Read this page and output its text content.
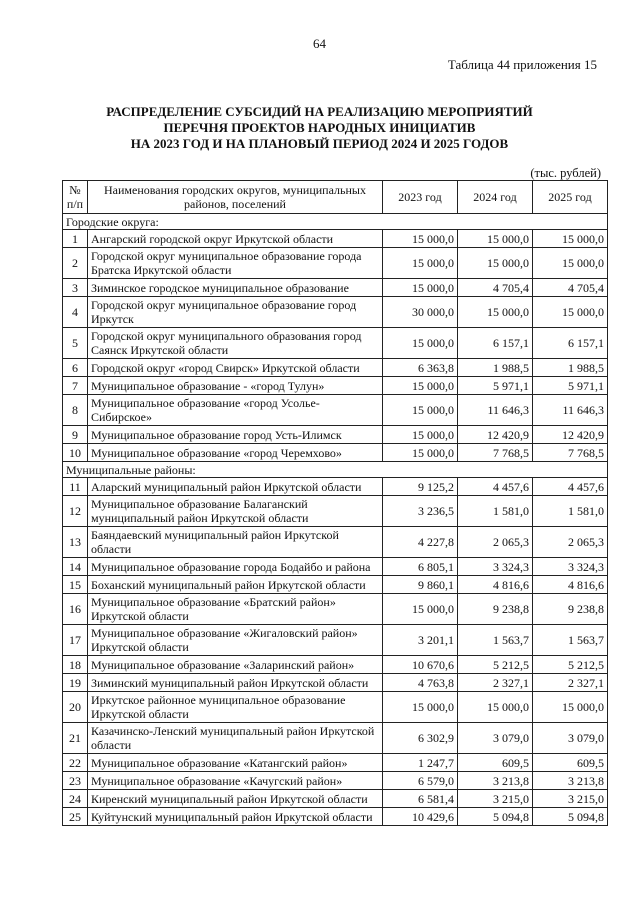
64
Таблица 44 приложения 15
РАСПРЕДЕЛЕНИЕ СУБСИДИЙ НА РЕАЛИЗАЦИЮ МЕРОПРИЯТИЙ
ПЕРЕЧНЯ ПРОЕКТОВ НАРОДНЫХ ИНИЦИАТИВ
НА 2023 ГОД И НА ПЛАНОВЫЙ ПЕРИОД 2024 И 2025 ГОДОВ
(тыс. рублей)
№ п/п	Наименования городских округов, муниципальных районов, поселений	2023 год	2024 год	2025 год
Городские округа:				
1	Ангарский городской округ Иркутской области	15 000,0	15 000,0	15 000,0
2	Городской округ муниципальное образование города Братска Иркутской области	15 000,0	15 000,0	15 000,0
3	Зиминское городское муниципальное образование	15 000,0	4 705,4	4 705,4
4	Городской округ муниципальное образование город Иркутск	30 000,0	15 000,0	15 000,0
5	Городской округ муниципального образования город Саянск Иркутской области	15 000,0	6 157,1	6 157,1
6	Городской округ «город Свирск» Иркутской области	6 363,8	1 988,5	1 988,5
7	Муниципальное образование - «город Тулун»	15 000,0	5 971,1	5 971,1
8	Муниципальное образование «город Усолье-Сибирское»	15 000,0	11 646,3	11 646,3
9	Муниципальное образование город Усть-Илимск	15 000,0	12 420,9	12 420,9
10	Муниципальное образование «город Черемхово»	15 000,0	7 768,5	7 768,5
Муниципальные районы:				
11	Аларский муниципальный район Иркутской области	9 125,2	4 457,6	4 457,6
12	Муниципальное образование Балаганский муниципальный район Иркутской области	3 236,5	1 581,0	1 581,0
13	Баяндаевский муниципальный район Иркутской области	4 227,8	2 065,3	2 065,3
14	Муниципальное образование города Бодайбо и района	6 805,1	3 324,3	3 324,3
15	Боханский муниципальный район Иркутской области	9 860,1	4 816,6	4 816,6
16	Муниципальное образование «Братский район» Иркутской области	15 000,0	9 238,8	9 238,8
17	Муниципальное образование «Жигаловский район» Иркутской области	3 201,1	1 563,7	1 563,7
18	Муниципальное образование «Заларинский район»	10 670,6	5 212,5	5 212,5
19	Зиминский муниципальный район Иркутской области	4 763,8	2 327,1	2 327,1
20	Иркутское районное муниципальное образование Иркутской области	15 000,0	15 000,0	15 000,0
21	Казачинско-Ленский муниципальный район Иркутской области	6 302,9	3 079,0	3 079,0
22	Муниципальное образование «Катангский район»	1 247,7	609,5	609,5
23	Муниципальное образование «Качугский район»	6 579,0	3 213,8	3 213,8
24	Киренский муниципальный район Иркутской области	6 581,4	3 215,0	3 215,0
25	Куйтунский муниципальный район Иркутской области	10 429,6	5 094,8	5 094,8
